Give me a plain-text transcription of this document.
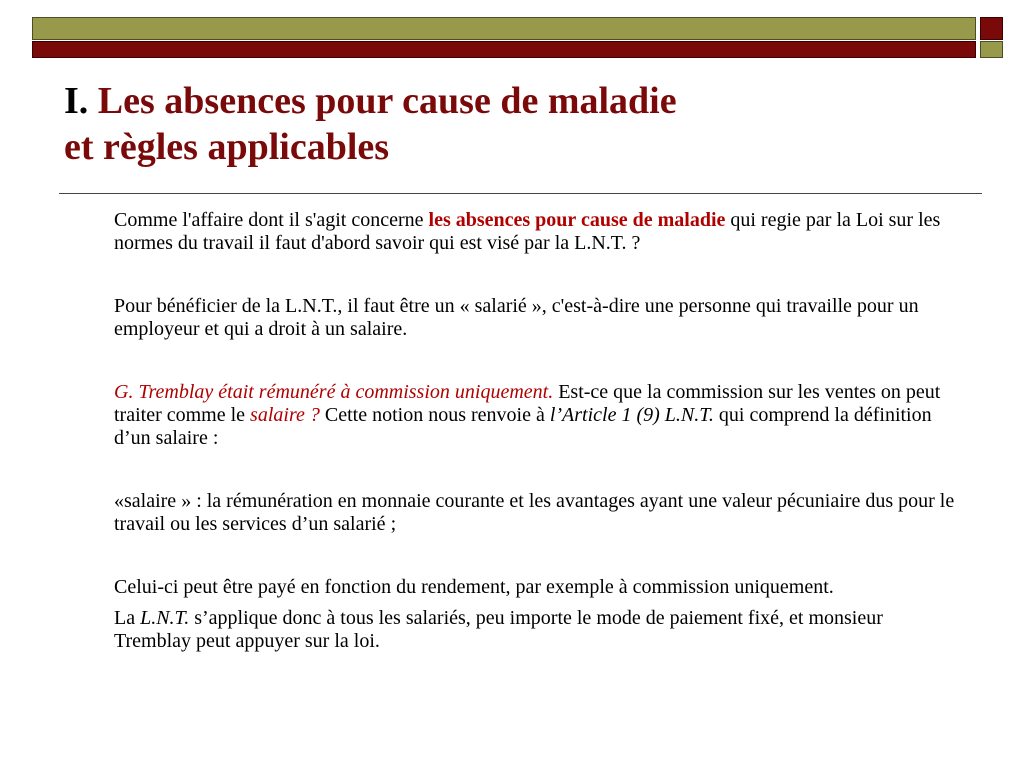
I. Les absences pour cause de maladie
et règles applicables

Comme l'affaire dont il s'agit concerne les absences pour cause de maladie qui regie par la Loi sur les normes du travail il faut d'abord savoir qui est visé par la L.N.T. ?

Pour bénéficier de la L.N.T., il faut être un « salarié », c'est-à-dire une personne qui travaille pour un employeur et qui a droit à un salaire.

G. Tremblay était rémunéré à commission uniquement. Est-ce que la commission sur les ventes on peut traiter comme le salaire ? Cette notion nous renvoie à l’Article 1 (9) L.N.T. qui comprend la définition d’un salaire :

«salaire » : la rémunération en monnaie courante et les avantages ayant une valeur pécuniaire dus pour le travail ou les services d’un salarié ;

Celui-ci peut être payé en fonction du rendement, par exemple à commission uniquement.

La L.N.T. s’applique donc à tous les salariés, peu importe le mode de paiement fixé, et monsieur Tremblay peut appuyer sur la loi.
